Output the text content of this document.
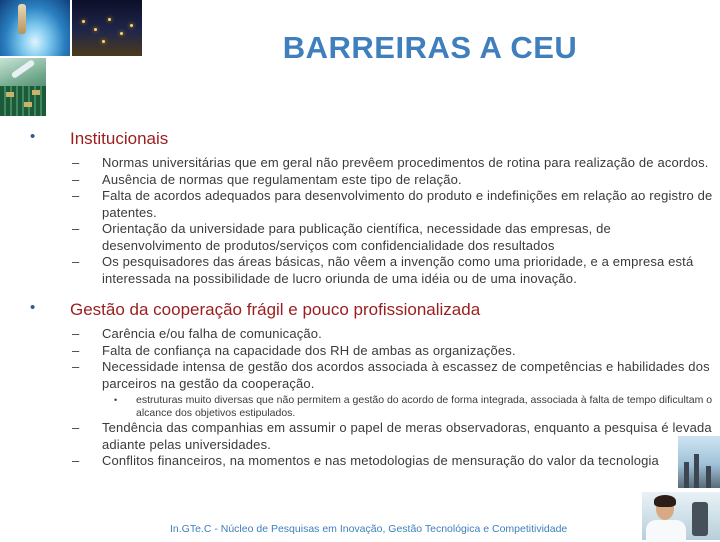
BARREIRAS A CEU
• Institucionais
– Normas universitárias que em geral não prevêem procedimentos de rotina para realização de acordos.
– Ausência de normas que regulamentam este tipo de relação.
– Falta de acordos adequados para desenvolvimento do produto e indefinições em relação ao registro de patentes.
– Orientação da universidade para publicação científica, necessidade das empresas, de desenvolvimento de produtos/serviços com confidencialidade dos resultados
– Os pesquisadores das áreas básicas, não vêem a invenção como uma prioridade, e a empresa está interessada na possibilidade de lucro oriunda de uma idéia ou de uma inovação.
• Gestão da cooperação frágil e pouco profissionalizada
– Carência e/ou falha de comunicação.
– Falta de confiança na capacidade dos RH de ambas as organizações.
– Necessidade intensa de gestão dos acordos associada à escassez de competências e habilidades dos parceiros na gestão da cooperação.
• estruturas muito diversas que não permitem a gestão do acordo de forma integrada, associada à falta de tempo dificultam o alcance dos objetivos estipulados.
– Tendência das companhias em assumir o papel de meras observadoras, enquanto a pesquisa é levada adiante pelas universidades.
– Conflitos financeiros, na momentos e nas metodologias de mensuração do valor da tecnologia
In.GTe.C - Núcleo de Pesquisas em Inovação, Gestão Tecnológica e Competitividade
